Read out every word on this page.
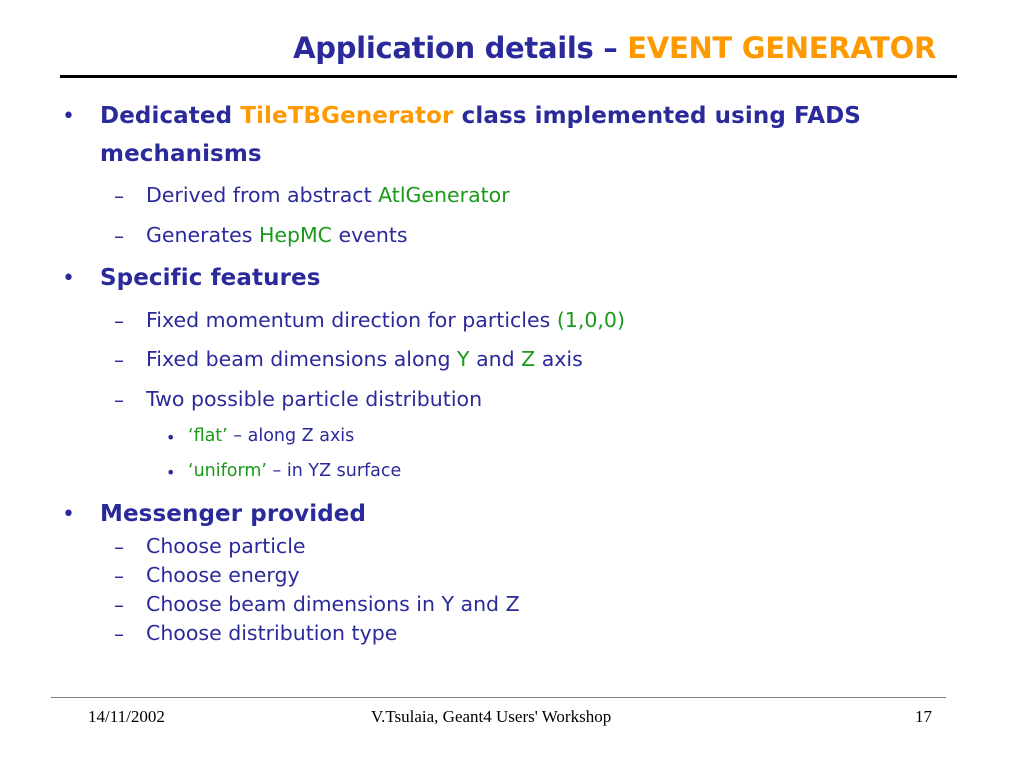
Application details – EVENT GENERATOR
• Dedicated TileTBGenerator class implemented using FADS

mechanisms

– Derived from abstract AtlGenerator

– Generates HepMC events

• Specific features

– Fixed momentum direction for particles (1,0,0)

– Fixed beam dimensions along Y and Z axis

– Two possible particle distribution

• ‘flat’ – along Z axis

• ‘uniform’ – in YZ surface

• Messenger provided

– Choose particle

– Choose energy

– Choose beam dimensions in Y and Z

– Choose distribution type

14/11/2002	V.Tsulaia, Geant4 Users' Workshop	17
